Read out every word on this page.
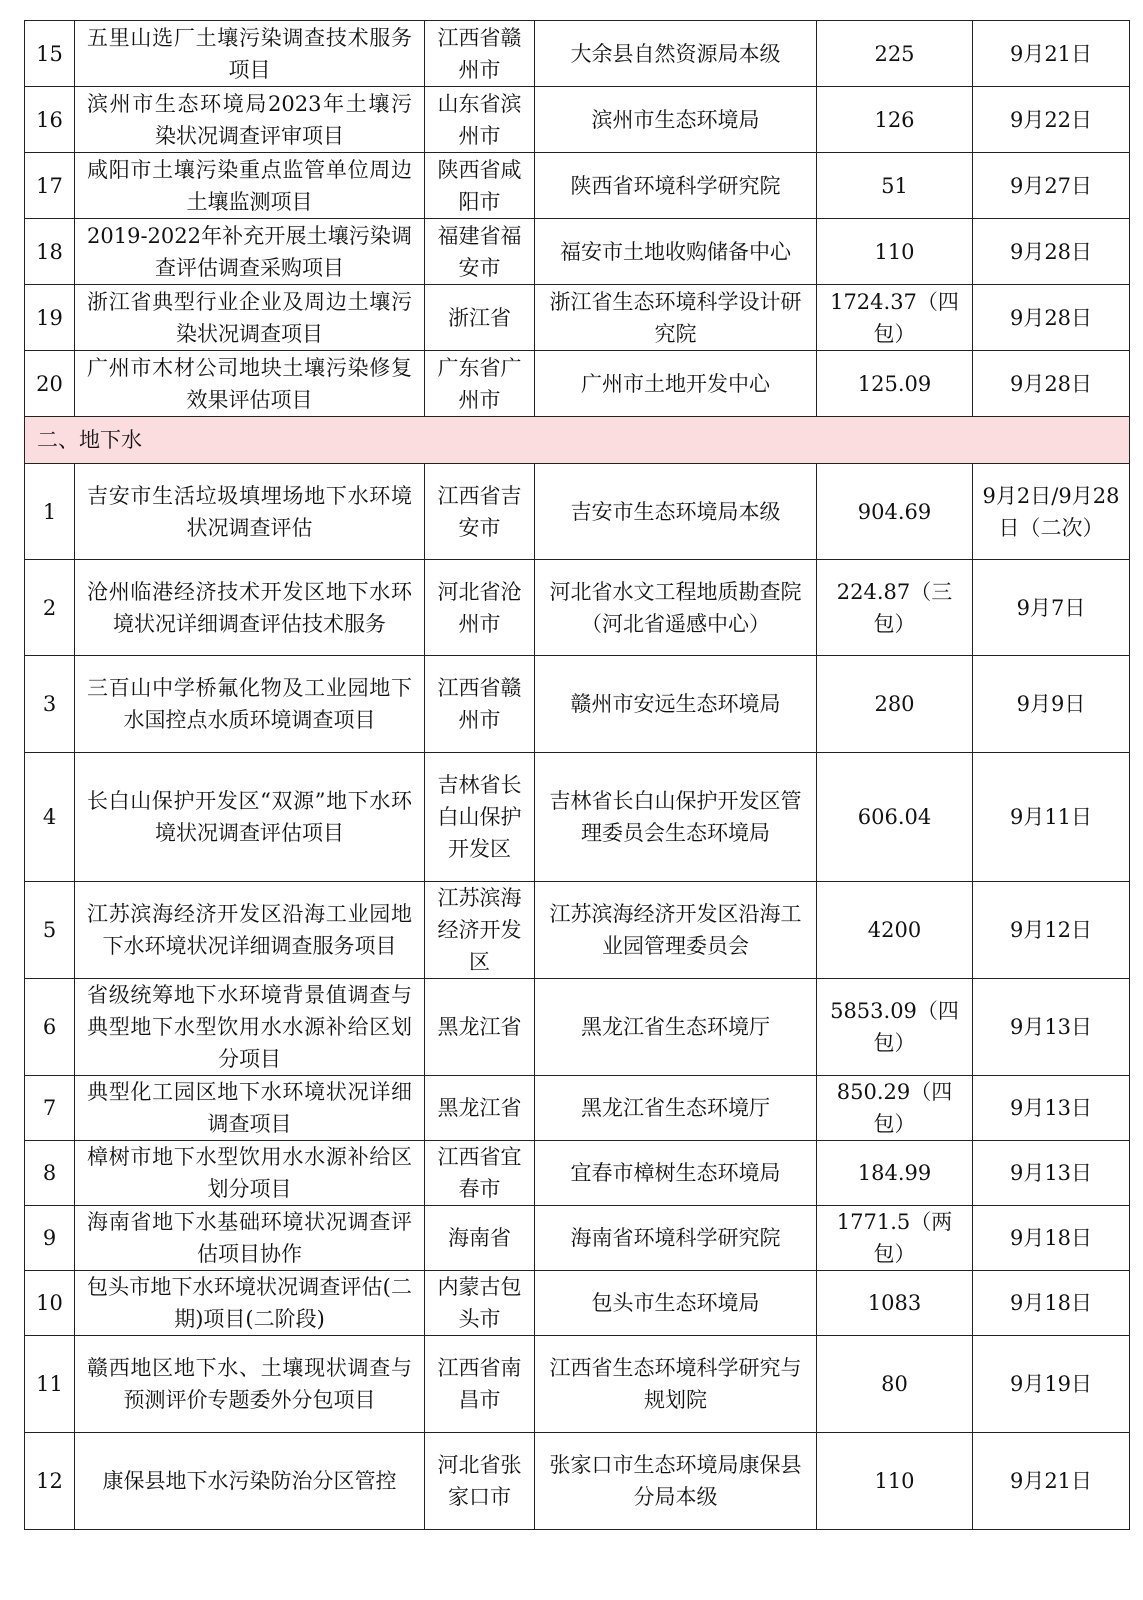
15	五里山选厂土壤污染调查技术服务项目	江西省赣州市	大余县自然资源局本级	225	9月21日
16	滨州市生态环境局2023年土壤污染状况调查评审项目	山东省滨州市	滨州市生态环境局	126	9月22日
17	咸阳市土壤污染重点监管单位周边土壤监测项目	陕西省咸阳市	陕西省环境科学研究院	51	9月27日
18	2019-2022年补充开展土壤污染调查评估调查采购项目	福建省福安市	福安市土地收购储备中心	110	9月28日
19	浙江省典型行业企业及周边土壤污染状况调查项目	浙江省	浙江省生态环境科学设计研究院	1724.37（四包）	9月28日
20	广州市木材公司地块土壤污染修复效果评估项目	广东省广州市	广州市土地开发中心	125.09	9月28日
二、地下水					
1	吉安市生活垃圾填埋场地下水环境状况调查评估	江西省吉安市	吉安市生态环境局本级	904.69	9月2日/9月28日（二次）
2	沧州临港经济技术开发区地下水环境状况详细调查评估技术服务	河北省沧州市	河北省水文工程地质勘查院（河北省遥感中心）	224.87（三包）	9月7日
3	三百山中学桥氟化物及工业园地下水国控点水质环境调查项目	江西省赣州市	赣州市安远生态环境局	280	9月9日
4	长白山保护开发区“双源”地下水环境状况调查评估项目	吉林省长白山保护开发区	吉林省长白山保护开发区管理委员会生态环境局	606.04	9月11日
5	江苏滨海经济开发区沿海工业园地下水环境状况详细调查服务项目	江苏滨海经济开发区	江苏滨海经济开发区沿海工业园管理委员会	4200	9月12日
6	省级统筹地下水环境背景值调查与典型地下水型饮用水水源补给区划分项目	黑龙江省	黑龙江省生态环境厅	5853.09（四包）	9月13日
7	典型化工园区地下水环境状况详细调查项目	黑龙江省	黑龙江省生态环境厅	850.29（四包）	9月13日
8	樟树市地下水型饮用水水源补给区划分项目	江西省宜春市	宜春市樟树生态环境局	184.99	9月13日
9	海南省地下水基础环境状况调查评估项目协作	海南省	海南省环境科学研究院	1771.5（两包）	9月18日
10	包头市地下水环境状况调查评估(二期)项目(二阶段)	内蒙古包头市	包头市生态环境局	1083	9月18日
11	赣西地区地下水、土壤现状调查与预测评价专题委外分包项目	江西省南昌市	江西省生态环境科学研究与规划院	80	9月19日
12	康保县地下水污染防治分区管控	河北省张家口市	张家口市生态环境局康保县分局本级	110	9月21日
